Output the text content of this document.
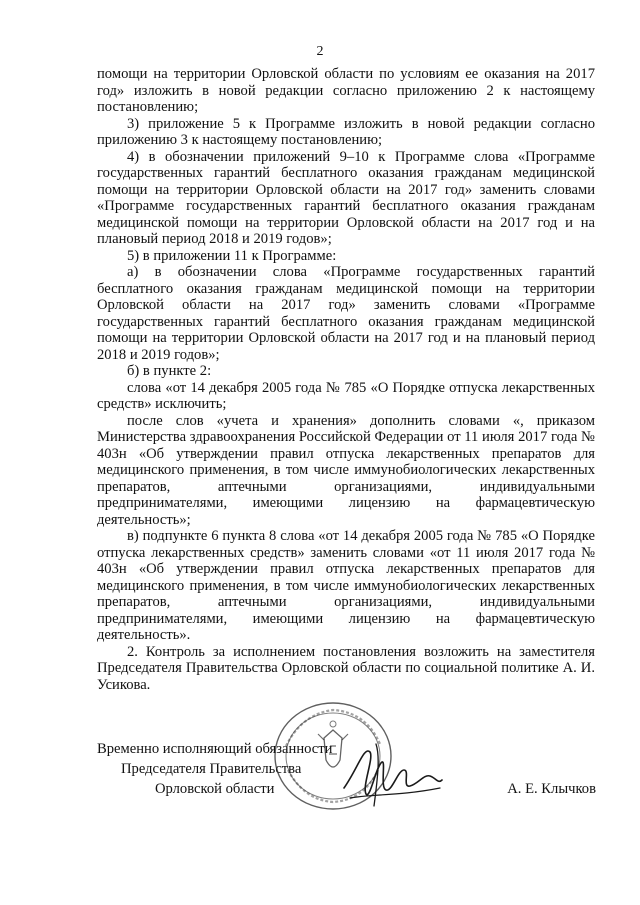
2

помощи на территории Орловской области по условиям ее оказания на 2017 год» изложить в новой редакции согласно приложению 2 к настоящему постановлению;

3) приложение 5 к Программе изложить в новой редакции согласно приложению 3 к настоящему постановлению;

4) в обозначении приложений 9–10 к Программе слова «Программе государственных гарантий бесплатного оказания гражданам медицинской помощи на территории Орловской области на 2017 год» заменить словами «Программе государственных гарантий бесплатного оказания гражданам медицинской помощи на территории Орловской области на 2017 год и на плановый период 2018 и 2019 годов»;

5) в приложении 11 к Программе:

а) в обозначении слова «Программе государственных гарантий бесплатного оказания гражданам медицинской помощи на территории Орловской области на 2017 год» заменить словами «Программе государственных гарантий бесплатного оказания гражданам медицинской помощи на территории Орловской области на 2017 год и на плановый период 2018 и 2019 годов»;

б) в пункте 2:

слова «от 14 декабря 2005 года № 785 «О Порядке отпуска лекарственных средств» исключить;

после слов «учета и хранения» дополнить словами «, приказом Министерства здравоохранения Российской Федерации от 11 июля 2017 года № 403н «Об утверждении правил отпуска лекарственных препаратов для медицинского применения, в том числе иммунобиологических лекарственных препаратов, аптечными организациями, индивидуальными предпринимателями, имеющими лицензию на фармацевтическую деятельность»;

в) подпункте 6 пункта 8 слова «от 14 декабря 2005 года № 785 «О Порядке отпуска лекарственных средств» заменить словами «от 11 июля 2017 года № 403н «Об утверждении правил отпуска лекарственных препаратов для медицинского применения, в том числе иммунобиологических лекарственных препаратов, аптечными организациями, индивидуальными предпринимателями, имеющими лицензию на фармацевтическую деятельность».

2. Контроль за исполнением постановления возложить на заместителя Председателя Правительства Орловской области по социальной политике А. И. Усикова.

Временно исполняющий обязанности
Председателя Правительства
Орловской области	А. Е. Клычков
